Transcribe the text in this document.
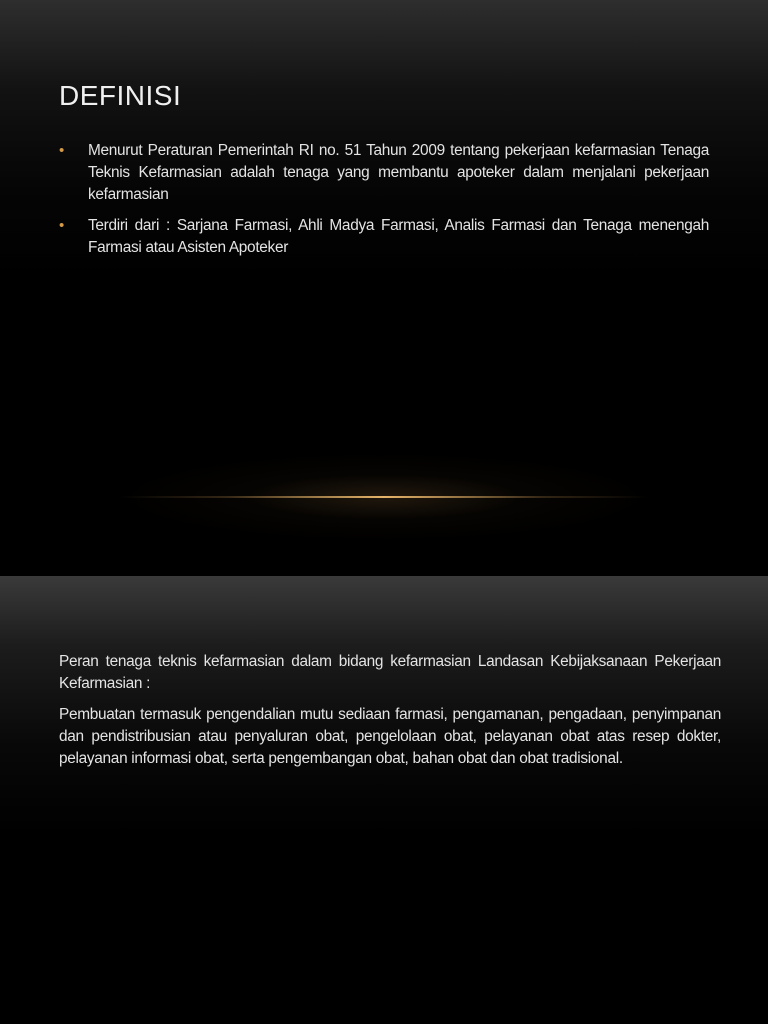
DEFINISI
• Menurut Peraturan Pemerintah RI no. 51 Tahun 2009 tentang pekerjaan kefarmasian Tenaga Teknis Kefarmasian adalah tenaga yang membantu apoteker dalam menjalani pekerjaan kefarmasian
• Terdiri dari : Sarjana Farmasi, Ahli Madya Farmasi, Analis Farmasi dan Tenaga menengah Farmasi atau Asisten Apoteker

Peran tenaga teknis kefarmasian dalam bidang kefarmasian Landasan Kebijaksanaan Pekerjaan Kefarmasian :

Pembuatan termasuk pengendalian mutu sediaan farmasi, pengamanan, pengadaan, penyimpanan dan pendistribusian atau penyaluran obat, pengelolaan obat, pelayanan obat atas resep dokter, pelayanan informasi obat, serta pengembangan obat, bahan obat dan obat tradisional.
